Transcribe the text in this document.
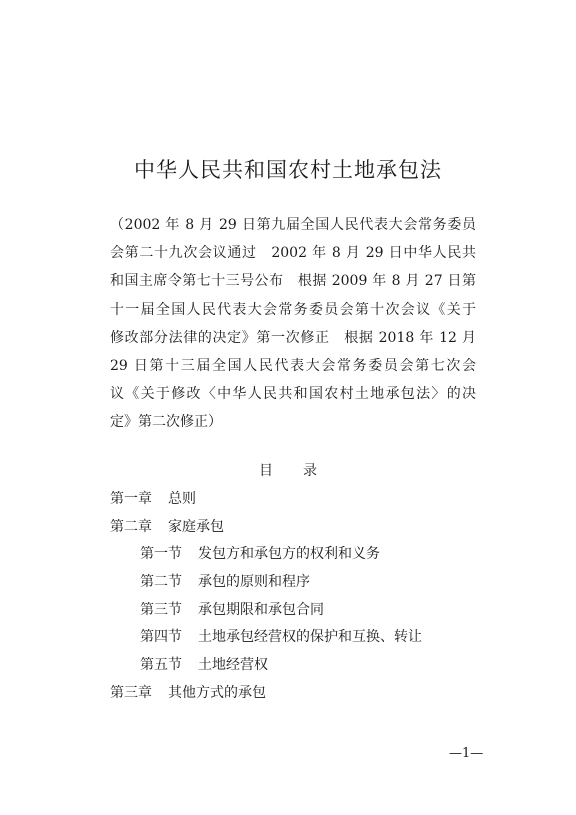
中华人民共和国农村土地承包法
（2002 年 8 月 29 日第九届全国人民代表大会常务委员
会第二十九次会议通过　2002 年 8 月 29 日中华人民共
和国主席令第七十三号公布　根据 2009 年 8 月 27 日第
十一届全国人民代表大会常务委员会第十次会议《关于
修改部分法律的决定》第一次修正　根据 2018 年 12 月
29 日第十三届全国人民代表大会常务委员会第七次会
议《关于修改〈中华人民共和国农村土地承包法〉的决
定》第二次修正）
目 录
第一章 总则
第二章 家庭承包
第一节 发包方和承包方的权利和义务
第二节 承包的原则和程序
第三节 承包期限和承包合同
第四节 土地承包经营权的保护和互换、转让
第五节 土地经营权
第三章 其他方式的承包
—1—
